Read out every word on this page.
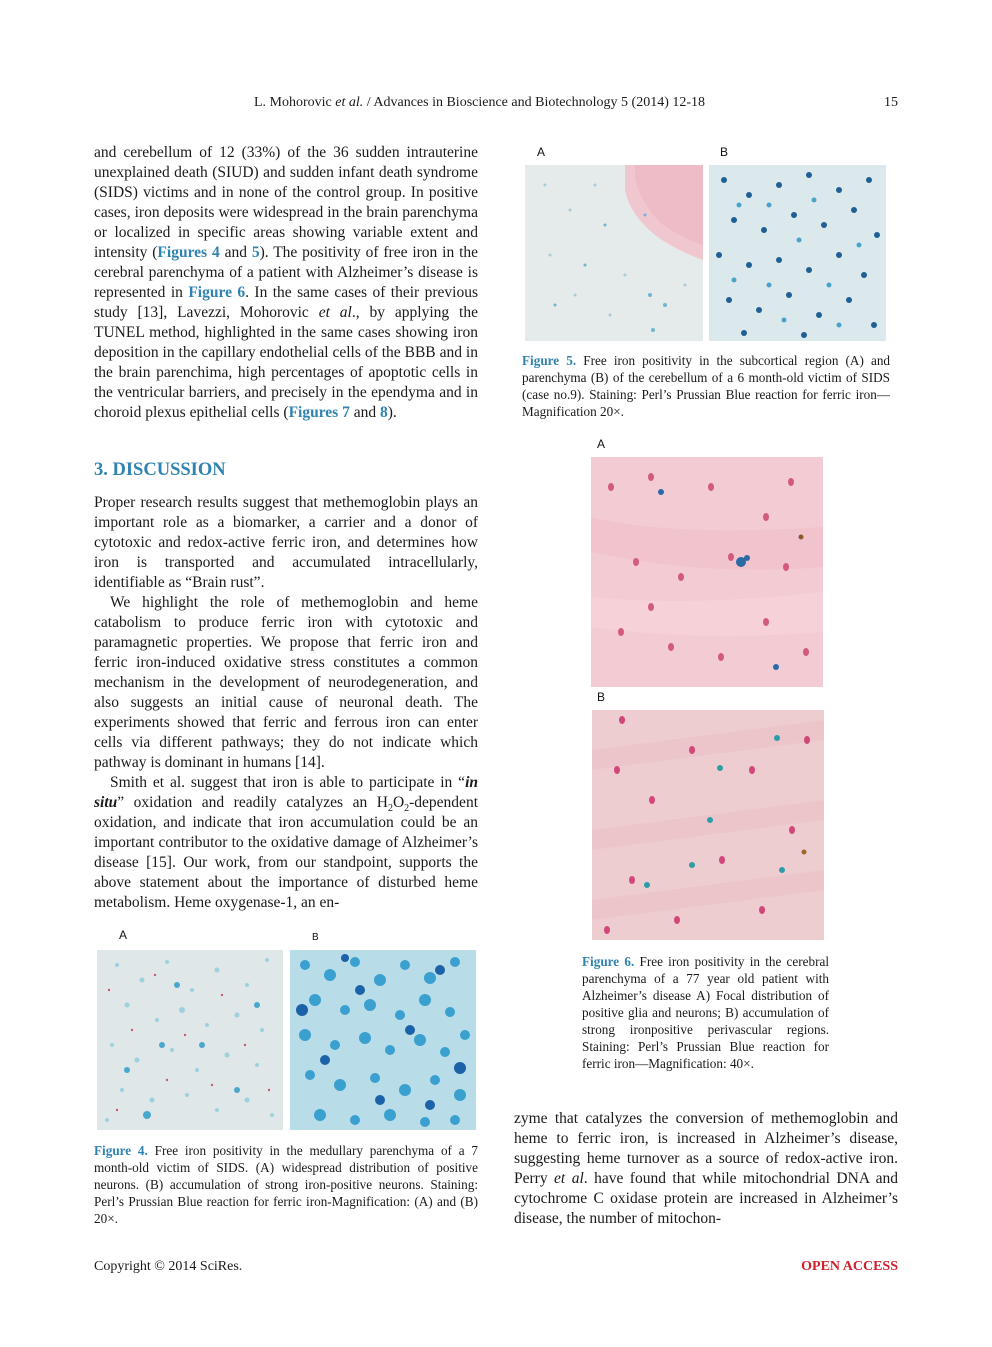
L. Mohorovic et al. / Advances in Bioscience and Biotechnology 5 (2014) 12-18	15

and cerebellum of 12 (33%) of the 36 sudden intrauterine unexplained death (SIUD) and sudden infant death syndrome (SIDS) victims and in none of the control group. In positive cases, iron deposits were widespread in the brain parenchyma or localized in specific areas showing variable extent and intensity (Figures 4 and 5). The positivity of free iron in the cerebral parenchyma of a patient with Alzheimer’s disease is represented in Figure 6. In the same cases of their previous study [13], Lavezzi, Mohorovic et al., by applying the TUNEL method, highlighted in the same cases showing iron deposition in the capillary endothelial cells of the BBB and in the brain parenchima, high percentages of apoptotic cells in the ventricular barriers, and precisely in the ependyma and in choroid plexus epithelial cells (Figures 7 and 8).

3. DISCUSSION

Proper research results suggest that methemoglobin plays an important role as a biomarker, a carrier and a donor of cytotoxic and redox-active ferric iron, and determines how iron is transported and accumulated intracellularly, identifiable as “Brain rust”.

We highlight the role of methemoglobin and heme catabolism to produce ferric iron with cytotoxic and paramagnetic properties. We propose that ferric iron and ferric iron-induced oxidative stress constitutes a common mechanism in the development of neurodegeneration, and also suggests an initial cause of neuronal death. The experiments showed that ferric and ferrous iron can enter cells via different pathways; they do not indicate which pathway is dominant in humans [14].

Smith et al. suggest that iron is able to participate in “in situ” oxidation and readily catalyzes an $H_2O_2$-dependent oxidation, and indicate that iron accumulation could be an important contributor to the oxidative damage of Alzheimer’s disease [15]. Our work, from our standpoint, supports the above statement about the importance of disturbed heme metabolism. Heme oxygenase-1, an en-

A	B
Figure 4. Free iron positivity in the medullary parenchyma of a 7 month-old victim of SIDS. (A) widespread distribution of positive neurons. (B) accumulation of strong iron-positive neurons. Staining: Perl’s Prussian Blue reaction for ferric iron-Magnification: (A) and (B) 20×.
A	B
Figure 5. Free iron positivity in the subcortical region (A) and parenchyma (B) of the cerebellum of a 6 month-old victim of SIDS (case no.9). Staining: Perl’s Prussian Blue reaction for ferric iron—Magnification 20×.
A
B
Figure 6. Free iron positivity in the cerebral parenchyma of a 77 year old patient with Alzheimer’s disease A) Focal distribution of positive glia and neurons; B) accumulation of strong ironpositive perivascular regions. Staining: Perl’s Prussian Blue reaction for ferric iron—Magnification: 40×.

zyme that catalyzes the conversion of methemoglobin and heme to ferric iron, is increased in Alzheimer’s disease, suggesting heme turnover as a source of redox-active iron. Perry et al. have found that while mitochondrial DNA and cytochrome C oxidase protein are increased in Alzheimer’s disease, the number of mitochon-

Copyright © 2014 SciRes.	OPEN ACCESS
